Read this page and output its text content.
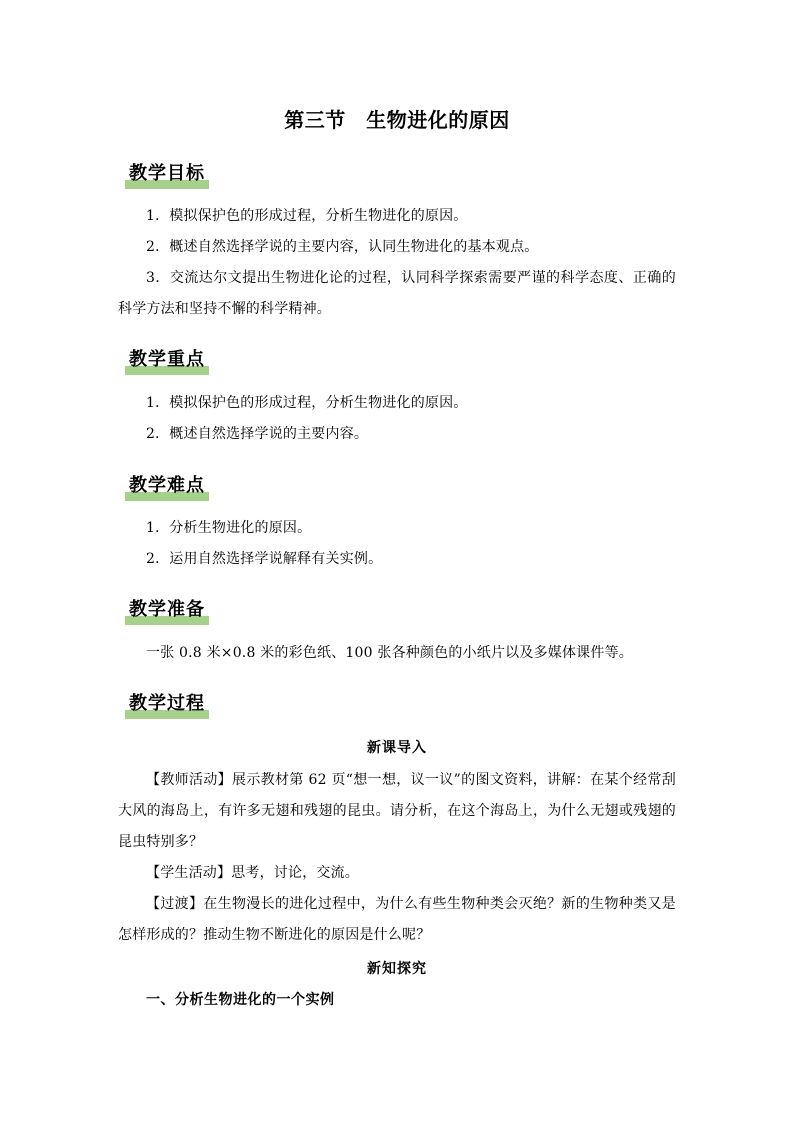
第三节　生物进化的原因
教学目标
1．模拟保护色的形成过程，分析生物进化的原因。
2．概述自然选择学说的主要内容，认同生物进化的基本观点。
3．交流达尔文提出生物进化论的过程，认同科学探索需要严谨的科学态度、正确的科学方法和坚持不懈的科学精神。
教学重点
1．模拟保护色的形成过程，分析生物进化的原因。
2．概述自然选择学说的主要内容。
教学难点
1．分析生物进化的原因。
2．运用自然选择学说解释有关实例。
教学准备
一张 0.8 米×0.8 米的彩色纸、100 张各种颜色的小纸片以及多媒体课件等。
教学过程
新课导入
【教师活动】展示教材第 62 页“想一想，议一议”的图文资料，讲解：在某个经常刮大风的海岛上，有许多无翅和残翅的昆虫。请分析，在这个海岛上，为什么无翅或残翅的昆虫特别多？
【学生活动】思考，讨论，交流。
【过渡】在生物漫长的进化过程中，为什么有些生物种类会灭绝？新的生物种类又是怎样形成的？推动生物不断进化的原因是什么呢？
新知探究
一、分析生物进化的一个实例
